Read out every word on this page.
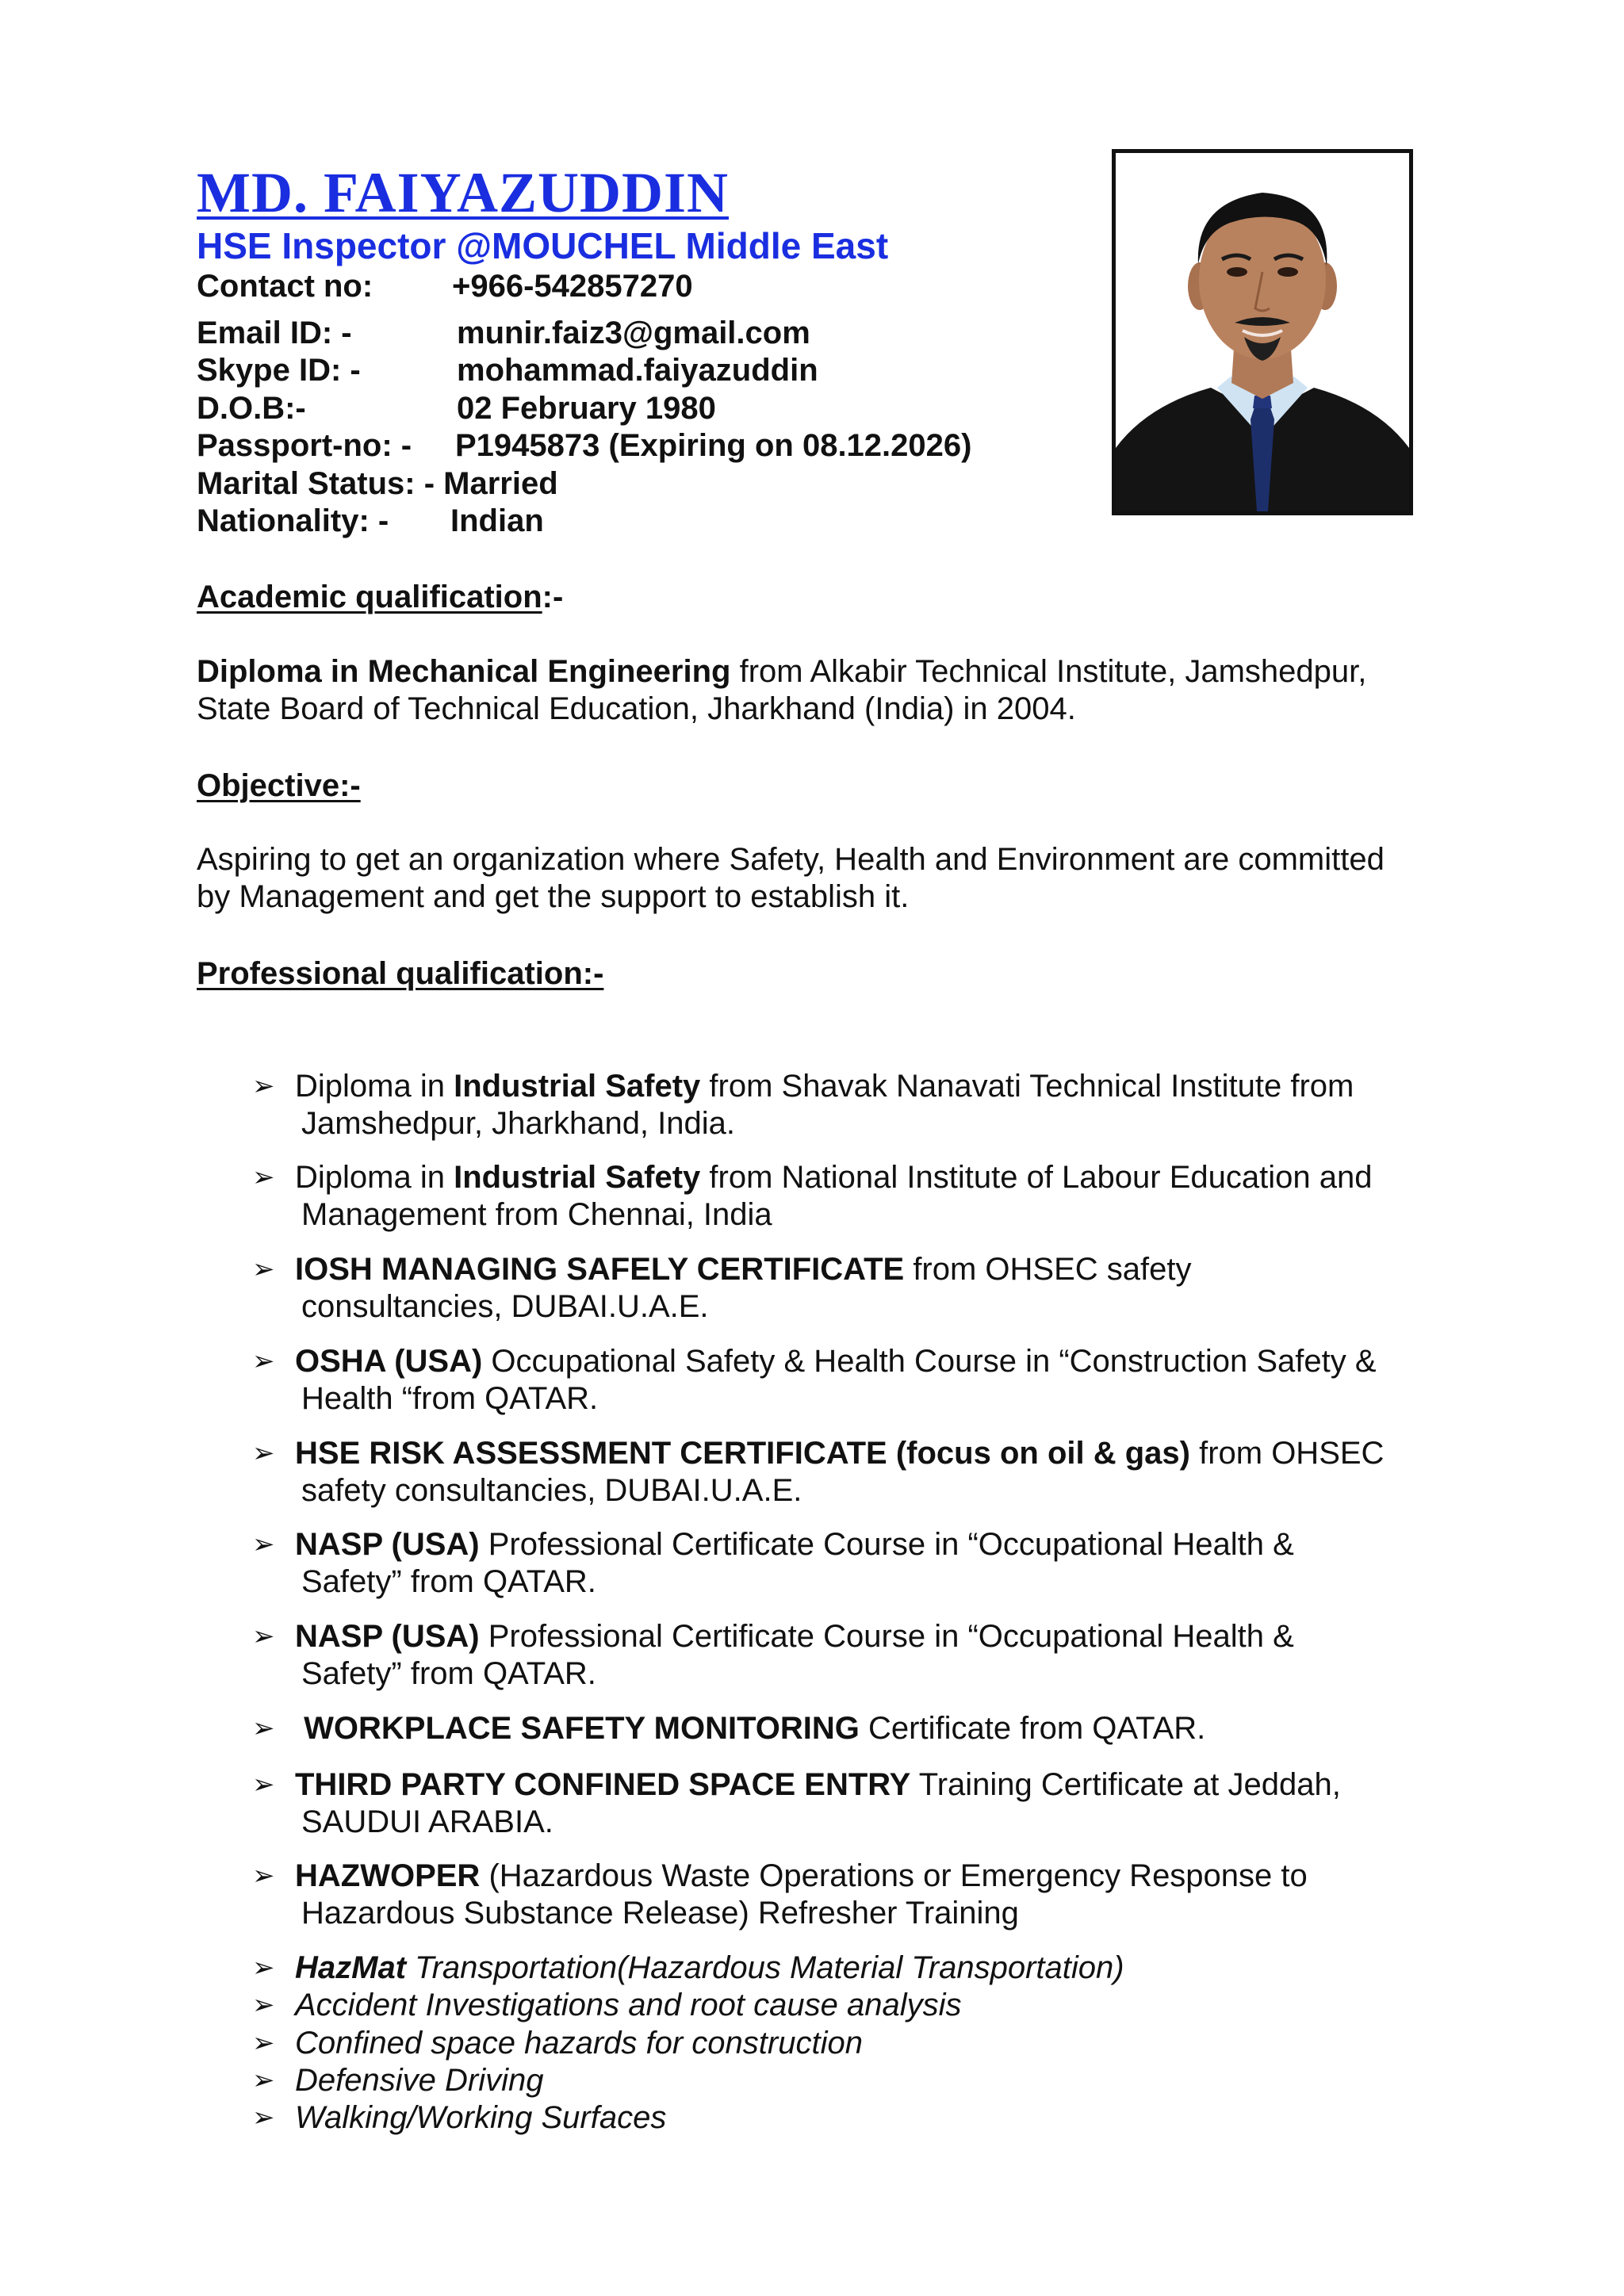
MD. FAIYAZUDDIN
HSE Inspector @MOUCHEL Middle East
Contact no: +966-542857270
Email ID: -	munir.faiz3@gmail.com
Skype ID: -	mohammad.faiyazuddin
D.O.B:-	02 February 1980
Passport-no: - P1945873 (Expiring on 08.12.2026)
Marital Status: - Married
Nationality: - Indian
Academic qualification:-

Diploma in Mechanical Engineering from Alkabir Technical Institute, Jamshedpur,
State Board of Technical Education, Jharkhand (India) in 2004.

Objective:-

Aspiring to get an organization where Safety, Health and Environment are committed
by Management and get the support to establish it.

Professional qualification:-
➢ Diploma in Industrial Safety from Shavak Nanavati Technical Institute from
Jamshedpur, Jharkhand, India.
➢ Diploma in Industrial Safety from National Institute of Labour Education and
Management from Chennai, India
➢ IOSH MANAGING SAFELY CERTIFICATE from OHSEC safety
consultancies, DUBAI.U.A.E.
➢ OSHA (USA) Occupational Safety & Health Course in “Construction Safety &
Health “from QATAR.
➢ HSE RISK ASSESSMENT CERTIFICATE (focus on oil & gas) from OHSEC
safety consultancies, DUBAI.U.A.E.
➢ NASP (USA) Professional Certificate Course in “Occupational Health &
Safety” from QATAR.
➢ NASP (USA) Professional Certificate Course in “Occupational Health &
Safety” from QATAR.
➢ WORKPLACE SAFETY MONITORING Certificate from QATAR.
➢ THIRD PARTY CONFINED SPACE ENTRY Training Certificate at Jeddah,
SAUDUI ARABIA.
➢ HAZWOPER (Hazardous Waste Operations or Emergency Response to
Hazardous Substance Release) Refresher Training
➢ HazMat Transportation(Hazardous Material Transportation)
➢ Accident Investigations and root cause analysis
➢ Confined space hazards for construction
➢ Defensive Driving
➢ Walking/Working Surfaces
